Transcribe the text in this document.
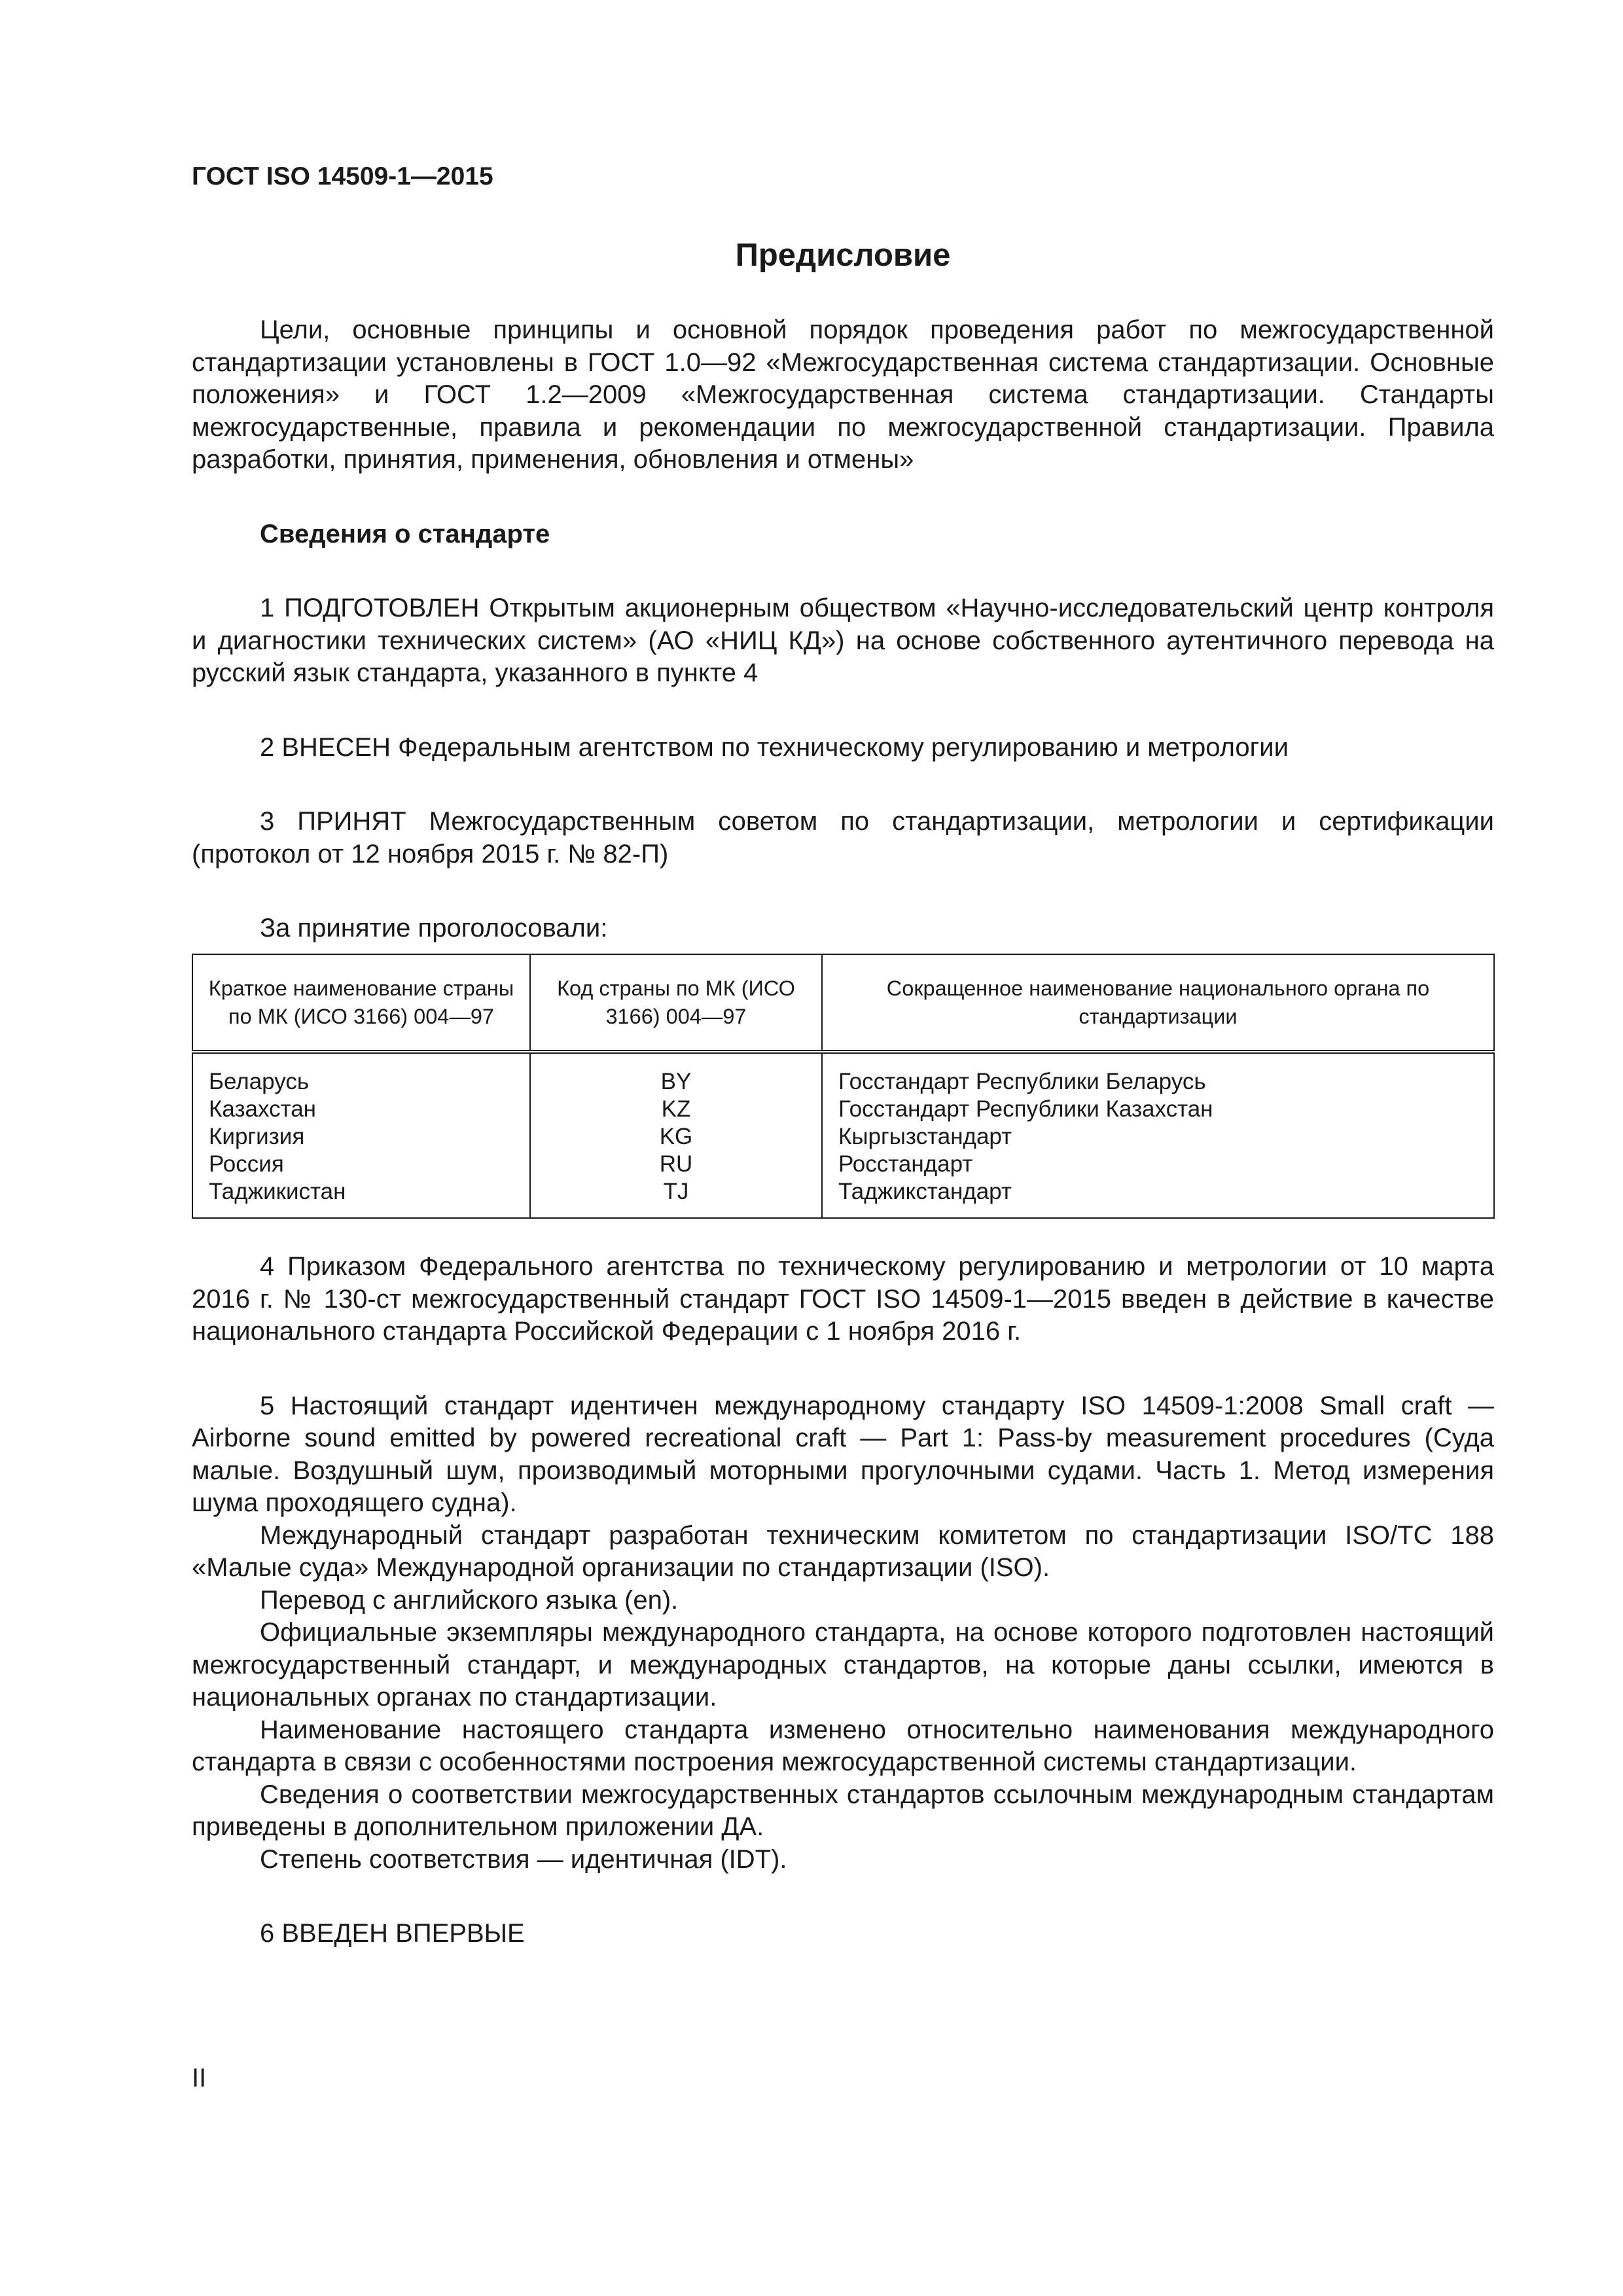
ГОСТ ISO 14509-1—2015

Предисловие

Цели, основные принципы и основной порядок проведения работ по межгосударственной стандартизации установлены в ГОСТ 1.0—92 «Межгосударственная система стандартизации. Основные положения» и ГОСТ 1.2—2009 «Межгосударственная система стандартизации. Стандарты межгосударственные, правила и рекомендации по межгосударственной стандартизации. Правила разработки, принятия, применения, обновления и отмены»

Сведения о стандарте

1 ПОДГОТОВЛЕН Открытым акционерным обществом «Научно-исследовательский центр контроля и диагностики технических систем» (АО «НИЦ КД») на основе собственного аутентичного перевода на русский язык стандарта, указанного в пункте 4

2 ВНЕСЕН Федеральным агентством по техническому регулированию и метрологии

3 ПРИНЯТ Межгосударственным советом по стандартизации, метрологии и сертификации (протокол от 12 ноября 2015 г. № 82-П)

За принятие проголосовали:

Краткое наименование страны по МК (ИСО 3166) 004—97	Код страны по МК (ИСО 3166) 004—97	Сокращенное наименование национального органа по стандартизации
Беларусь	BY	Госстандарт Республики Беларусь
Казахстан	KZ	Госстандарт Республики Казахстан
Киргизия	KG	Кыргызстандарт
Россия	RU	Росстандарт
Таджикистан	TJ	Таджикстандарт

4 Приказом Федерального агентства по техническому регулированию и метрологии от 10 марта 2016 г. № 130-ст межгосударственный стандарт ГОСТ ISO 14509-1—2015 введен в действие в качестве национального стандарта Российской Федерации с 1 ноября 2016 г.

5 Настоящий стандарт идентичен международному стандарту ISO 14509-1:2008 Small craft — Airborne sound emitted by powered recreational craft — Part 1: Pass-by measurement procedures (Суда малые. Воздушный шум, производимый моторными прогулочными судами. Часть 1. Метод измерения шума проходящего судна).

Международный стандарт разработан техническим комитетом по стандартизации ISO/TC 188 «Малые суда» Международной организации по стандартизации (ISO).

Перевод с английского языка (en).

Официальные экземпляры международного стандарта, на основе которого подготовлен настоящий межгосударственный стандарт, и международных стандартов, на которые даны ссылки, имеются в национальных органах по стандартизации.

Наименование настоящего стандарта изменено относительно наименования международного стандарта в связи с особенностями построения межгосударственной системы стандартизации.

Сведения о соответствии межгосударственных стандартов ссылочным международным стандартам приведены в дополнительном приложении ДА.

Степень соответствия — идентичная (IDT).

6 ВВЕДЕН ВПЕРВЫЕ

II
